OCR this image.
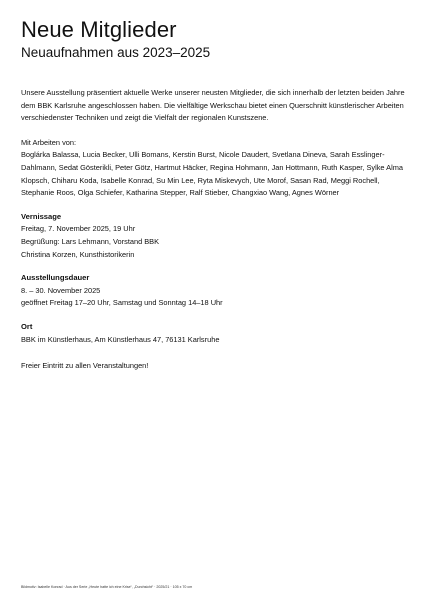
Neue Mitglieder
Neuaufnahmen aus 2023–2025

Unsere Ausstellung präsentiert aktuelle Werke unserer neusten Mitglieder, die sich innerhalb der letzten beiden Jahre dem BBK Karlsruhe angeschlossen haben. Die vielfältige Werkschau bietet einen Querschnitt künstlerischer Arbeiten verschiedenster Techniken und zeigt die Vielfalt der regionalen Kunstszene.

Mit Arbeiten von:

Boglárka Balassa, Lucia Becker, Ulli Bomans, Kerstin Burst, Nicole Daudert, Svetlana Dineva, Sarah Esslinger-Dahlmann, Sedat Gösterikli, Peter Götz, Hartmut Häcker, Regina Hohmann, Jan Hottmann, Ruth Kasper, Sylke Alma Klopsch, Chiharu Koda, Isabelle Konrad, Su Min Lee, Ryta Miskevych, Ute Morof, Sasan Rad, Meggi Rochell, Stephanie Roos, Olga Schiefer, Katharina Stepper, Ralf Stieber, Changxiao Wang, Agnes Wörner

Vernissage

Freitag, 7. November 2025, 19 Uhr

Begrüßung: Lars Lehmann, Vorstand BBK

Christina Korzen, Kunsthistorikerin

Ausstellungsdauer

8. – 30. November 2025

geöffnet Freitag 17–20 Uhr, Samstag und Sonntag 14–18 Uhr

Ort

BBK im Künstlerhaus, Am Künstlerhaus 47, 76131 Karlsruhe

Freier Eintritt zu allen Veranstaltungen!

Bildmotiv: Isabelle Konrad · Aus der Serie „Heute hatte ich eine Krise“, „Durchsicht“ · 2025/21 · 105 x 70 cm
